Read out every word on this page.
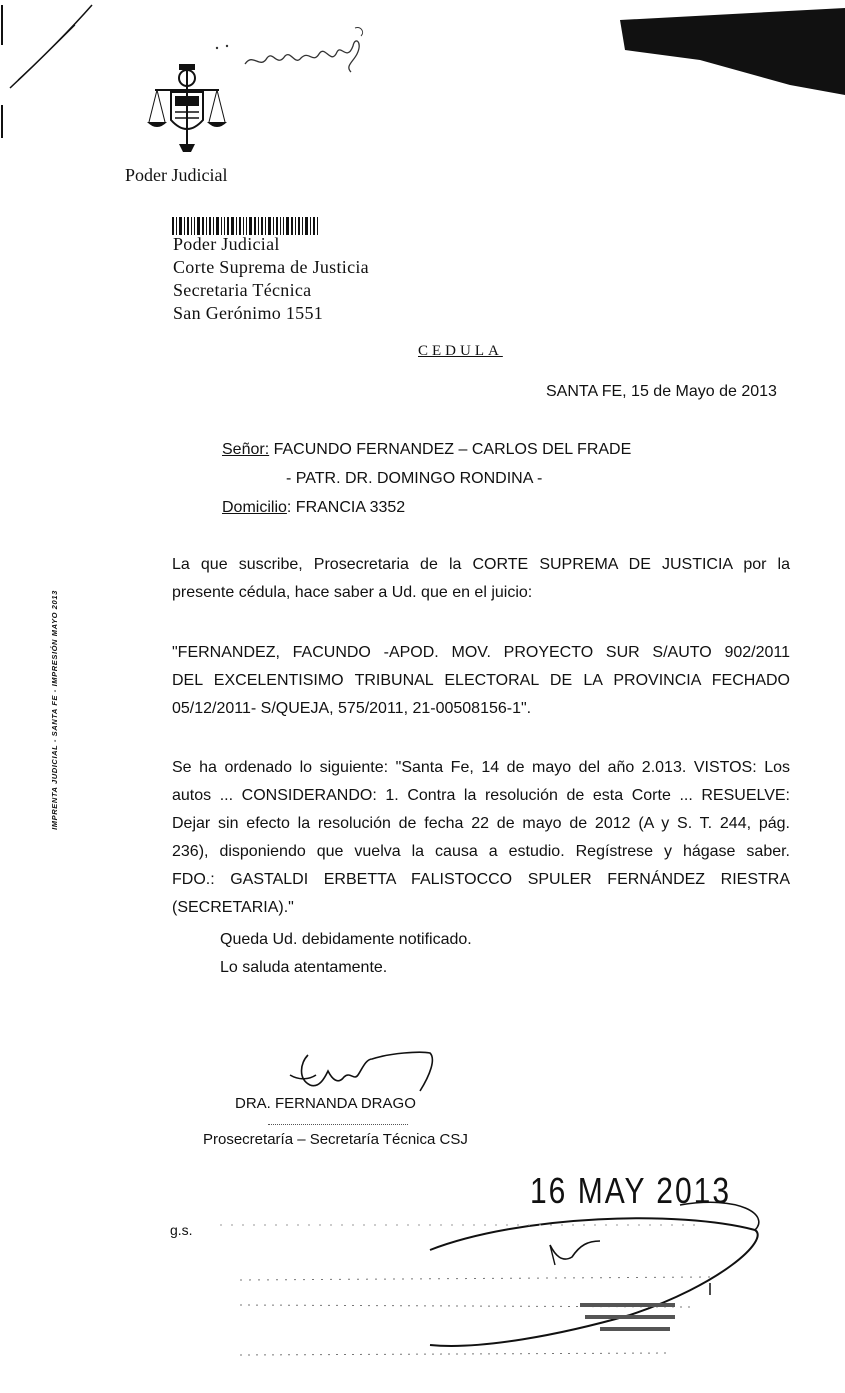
Poder Judicial
Poder Judicial
Corte Suprema de Justicia
Secretaria Técnica
San Gerónimo 1551
CEDULA
SANTA FE, 15 de Mayo de 2013
Señor: FACUNDO FERNANDEZ – CARLOS DEL FRADE
- PATR. DR. DOMINGO RONDINA -
Domicilio: FRANCIA 3352
IMPRENTA JUDICIAL - SANTA FE - IMPRESIÓN MAYO 2013
La que suscribe, Prosecretaria de la CORTE SUPREMA DE JUSTICIA por la
presente cédula, hace saber a Ud. que en el juicio:
"FERNANDEZ, FACUNDO -APOD. MOV. PROYECTO SUR S/AUTO 902/2011
DEL EXCELENTISIMO TRIBUNAL ELECTORAL DE LA PROVINCIA FECHADO
05/12/2011- S/QUEJA, 575/2011, 21-00508156-1".
Se ha ordenado lo siguiente: "Santa Fe, 14 de mayo del año 2.013. VISTOS: Los
autos ... CONSIDERANDO: 1. Contra la resolución de esta Corte ... RESUELVE:
Dejar sin efecto la resolución de fecha 22 de mayo de 2012 (A y S. T. 244, pág.
236), disponiendo que vuelva la causa a estudio. Regístrese y hágase saber.
FDO.: GASTALDI ERBETTA FALISTOCCO SPULER FERNÁNDEZ RIESTRA
(SECRETARIA)."
Queda Ud. debidamente notificado.
Lo saluda atentamente.
DRA. FERNANDA DRAGO
Prosecretaría – Secretaría Técnica CSJ
g.s.
16 MAY 2013
